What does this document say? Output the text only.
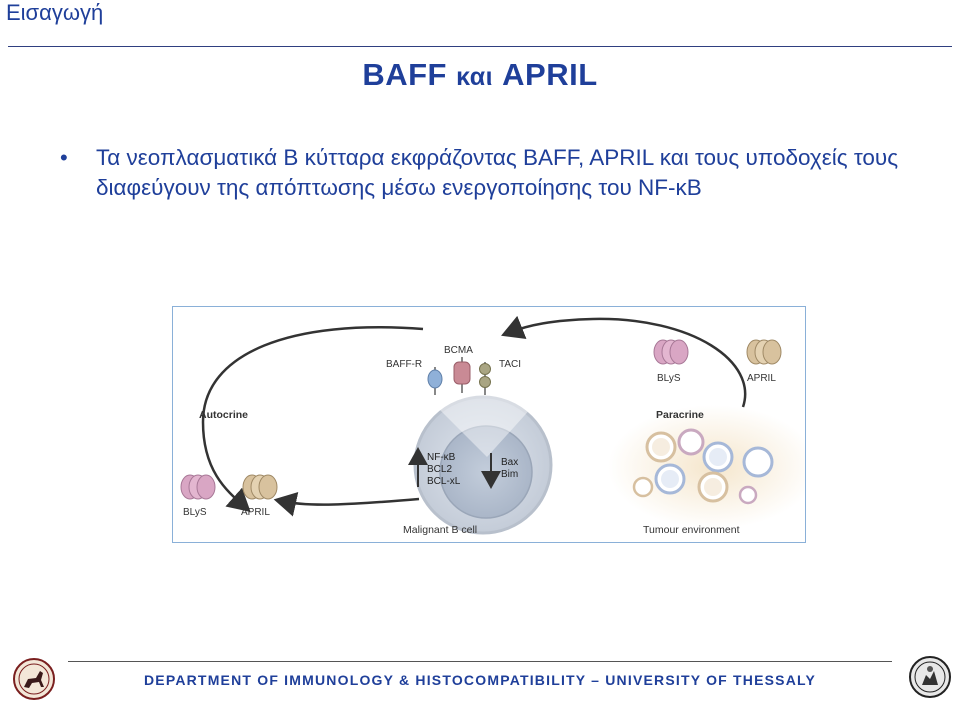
Εισαγωγή
BAFF και APRIL
• Τα νεοπλασματικά Β κύτταρα εκφράζοντας BAFF, APRIL και τους υποδοχείς τους διαφεύγουν της απόπτωσης μέσω ενεργοποίησης του NF-κB
BAFF-R
BCMA
TACI
Autocrine	Paracrine
BLyS	APRIL
BLyS	APRIL
NF-κB
BCL2
BCL-xL
Bax
Bim
Malignant B cell	Tumour environment
DEPARTMENT OF IMMUNOLOGY & HISTOCOMPATIBILITY – UNIVERSITY OF THESSALY
